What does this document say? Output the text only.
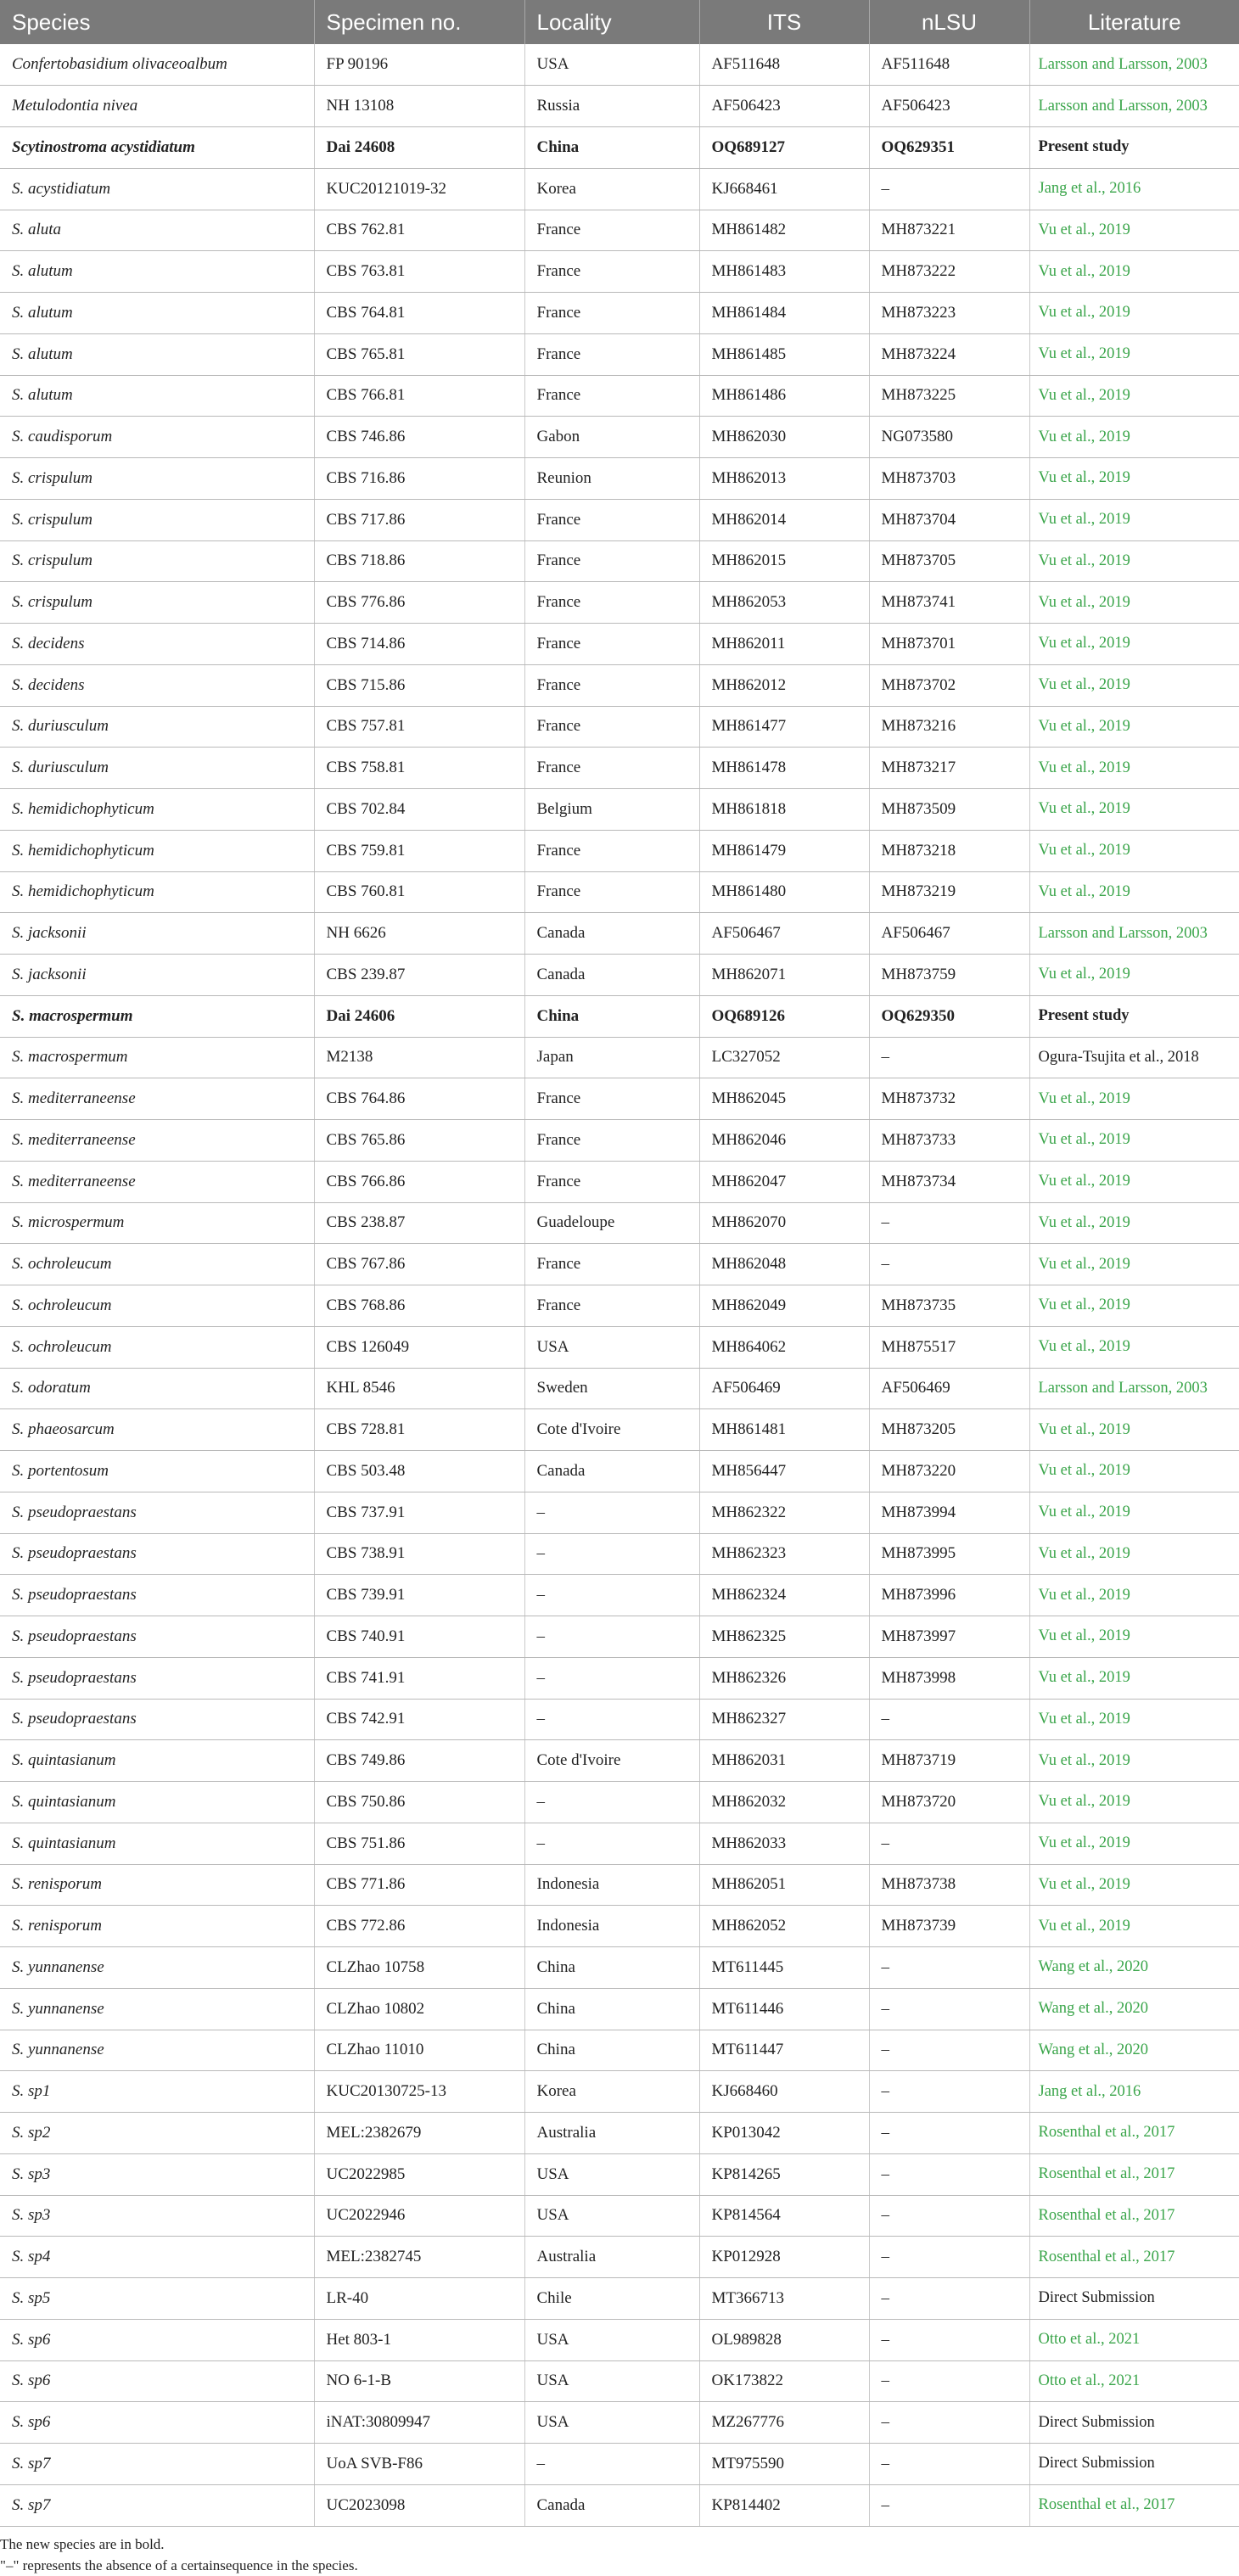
Species	Specimen no.	Locality	ITS	nLSU	Literature
Confertobasidium olivaceoalbum	FP 90196	USA	AF511648	AF511648	Larsson and Larsson, 2003
Metulodontia nivea	NH 13108	Russia	AF506423	AF506423	Larsson and Larsson, 2003
Scytinostroma acystidiatum	Dai 24608	China	OQ689127	OQ629351	Present study
S. acystidiatum	KUC20121019-32	Korea	KJ668461	–	Jang et al., 2016
S. aluta	CBS 762.81	France	MH861482	MH873221	Vu et al., 2019
S. alutum	CBS 763.81	France	MH861483	MH873222	Vu et al., 2019
S. alutum	CBS 764.81	France	MH861484	MH873223	Vu et al., 2019
S. alutum	CBS 765.81	France	MH861485	MH873224	Vu et al., 2019
S. alutum	CBS 766.81	France	MH861486	MH873225	Vu et al., 2019
S. caudisporum	CBS 746.86	Gabon	MH862030	NG073580	Vu et al., 2019
S. crispulum	CBS 716.86	Reunion	MH862013	MH873703	Vu et al., 2019
S. crispulum	CBS 717.86	France	MH862014	MH873704	Vu et al., 2019
S. crispulum	CBS 718.86	France	MH862015	MH873705	Vu et al., 2019
S. crispulum	CBS 776.86	France	MH862053	MH873741	Vu et al., 2019
S. decidens	CBS 714.86	France	MH862011	MH873701	Vu et al., 2019
S. decidens	CBS 715.86	France	MH862012	MH873702	Vu et al., 2019
S. duriusculum	CBS 757.81	France	MH861477	MH873216	Vu et al., 2019
S. duriusculum	CBS 758.81	France	MH861478	MH873217	Vu et al., 2019
S. hemidichophyticum	CBS 702.84	Belgium	MH861818	MH873509	Vu et al., 2019
S. hemidichophyticum	CBS 759.81	France	MH861479	MH873218	Vu et al., 2019
S. hemidichophyticum	CBS 760.81	France	MH861480	MH873219	Vu et al., 2019
S. jacksonii	NH 6626	Canada	AF506467	AF506467	Larsson and Larsson, 2003
S. jacksonii	CBS 239.87	Canada	MH862071	MH873759	Vu et al., 2019
S. macrospermum	Dai 24606	China	OQ689126	OQ629350	Present study
S. macrospermum	M2138	Japan	LC327052	–	Ogura-Tsujita et al., 2018
S. mediterraneense	CBS 764.86	France	MH862045	MH873732	Vu et al., 2019
S. mediterraneense	CBS 765.86	France	MH862046	MH873733	Vu et al., 2019
S. mediterraneense	CBS 766.86	France	MH862047	MH873734	Vu et al., 2019
S. microspermum	CBS 238.87	Guadeloupe	MH862070	–	Vu et al., 2019
S. ochroleucum	CBS 767.86	France	MH862048	–	Vu et al., 2019
S. ochroleucum	CBS 768.86	France	MH862049	MH873735	Vu et al., 2019
S. ochroleucum	CBS 126049	USA	MH864062	MH875517	Vu et al., 2019
S. odoratum	KHL 8546	Sweden	AF506469	AF506469	Larsson and Larsson, 2003
S. phaeosarcum	CBS 728.81	Cote d'Ivoire	MH861481	MH873205	Vu et al., 2019
S. portentosum	CBS 503.48	Canada	MH856447	MH873220	Vu et al., 2019
S. pseudopraestans	CBS 737.91	–	MH862322	MH873994	Vu et al., 2019
S. pseudopraestans	CBS 738.91	–	MH862323	MH873995	Vu et al., 2019
S. pseudopraestans	CBS 739.91	–	MH862324	MH873996	Vu et al., 2019
S. pseudopraestans	CBS 740.91	–	MH862325	MH873997	Vu et al., 2019
S. pseudopraestans	CBS 741.91	–	MH862326	MH873998	Vu et al., 2019
S. pseudopraestans	CBS 742.91	–	MH862327	–	Vu et al., 2019
S. quintasianum	CBS 749.86	Cote d'Ivoire	MH862031	MH873719	Vu et al., 2019
S. quintasianum	CBS 750.86	–	MH862032	MH873720	Vu et al., 2019
S. quintasianum	CBS 751.86	–	MH862033	–	Vu et al., 2019
S. renisporum	CBS 771.86	Indonesia	MH862051	MH873738	Vu et al., 2019
S. renisporum	CBS 772.86	Indonesia	MH862052	MH873739	Vu et al., 2019
S. yunnanense	CLZhao 10758	China	MT611445	–	Wang et al., 2020
S. yunnanense	CLZhao 10802	China	MT611446	–	Wang et al., 2020
S. yunnanense	CLZhao 11010	China	MT611447	–	Wang et al., 2020
S. sp1	KUC20130725-13	Korea	KJ668460	–	Jang et al., 2016
S. sp2	MEL:2382679	Australia	KP013042	–	Rosenthal et al., 2017
S. sp3	UC2022985	USA	KP814265	–	Rosenthal et al., 2017
S. sp3	UC2022946	USA	KP814564	–	Rosenthal et al., 2017
S. sp4	MEL:2382745	Australia	KP012928	–	Rosenthal et al., 2017
S. sp5	LR-40	Chile	MT366713	–	Direct Submission
S. sp6	Het 803-1	USA	OL989828	–	Otto et al., 2021
S. sp6	NO 6-1-B	USA	OK173822	–	Otto et al., 2021
S. sp6	iNAT:30809947	USA	MZ267776	–	Direct Submission
S. sp7	UoA SVB-F86	–	MT975590	–	Direct Submission
S. sp7	UC2023098	Canada	KP814402	–	Rosenthal et al., 2017
The new species are in bold.
"–" represents the absence of a certainsequence in the species.
